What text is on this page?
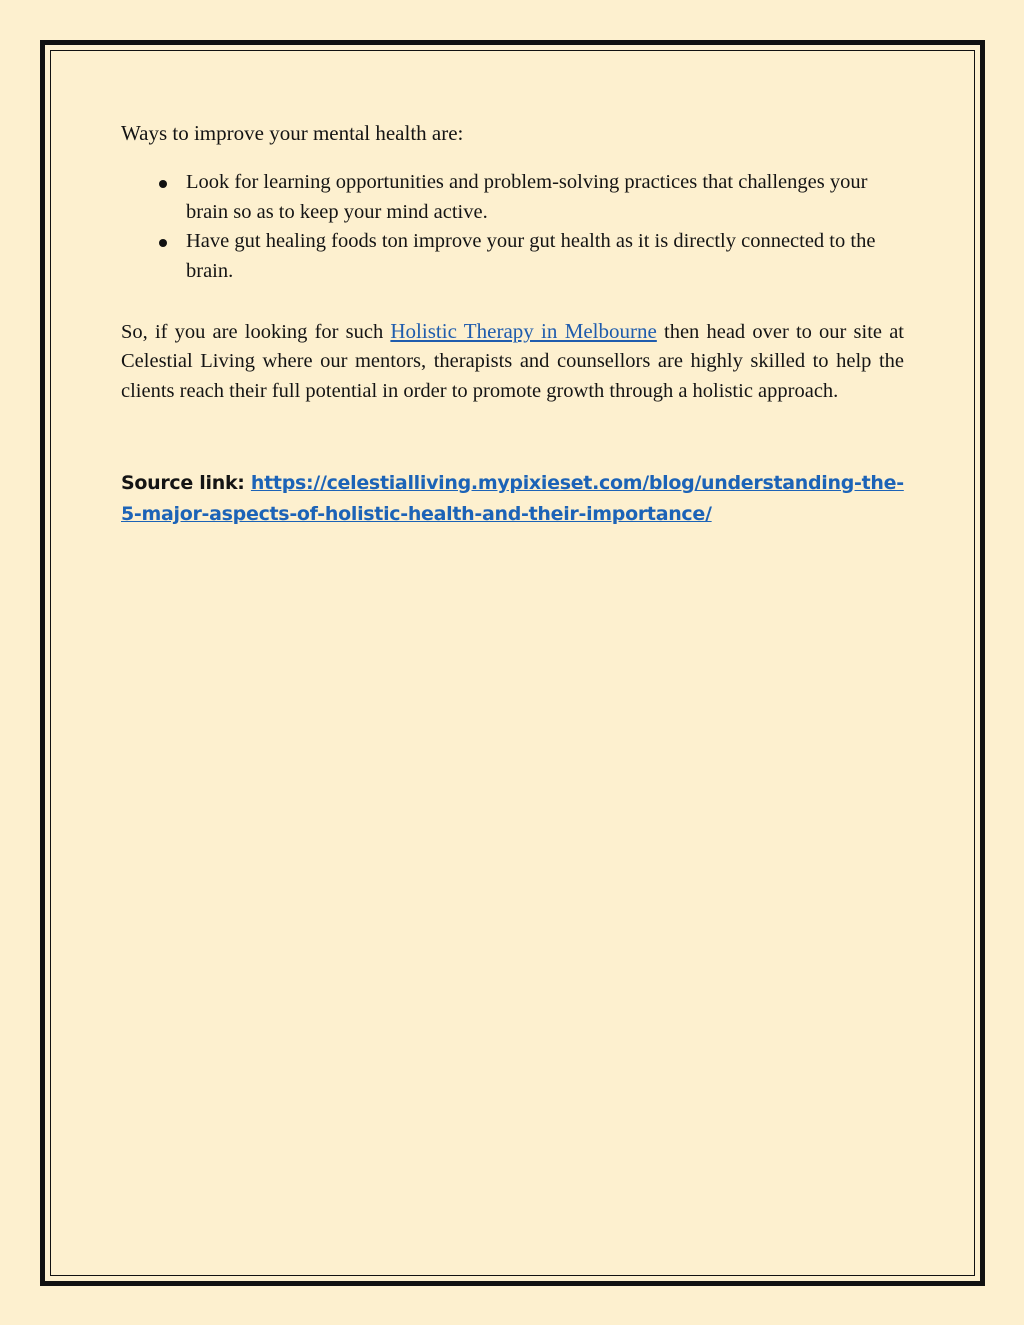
Ways to improve your mental health are:
Look for learning opportunities and problem-solving practices that challenges your brain so as to keep your mind active.
Have gut healing foods ton improve your gut health as it is directly connected to the brain.

So, if you are looking for such Holistic Therapy in Melbourne then head over to our site at Celestial Living where our mentors, therapists and counsellors are highly skilled to help the clients reach their full potential in order to promote growth through a holistic approach.

Source link: https://celestialliving.mypixieset.com/blog/understanding-the-5-major-aspects-of-holistic-health-and-their-importance/
